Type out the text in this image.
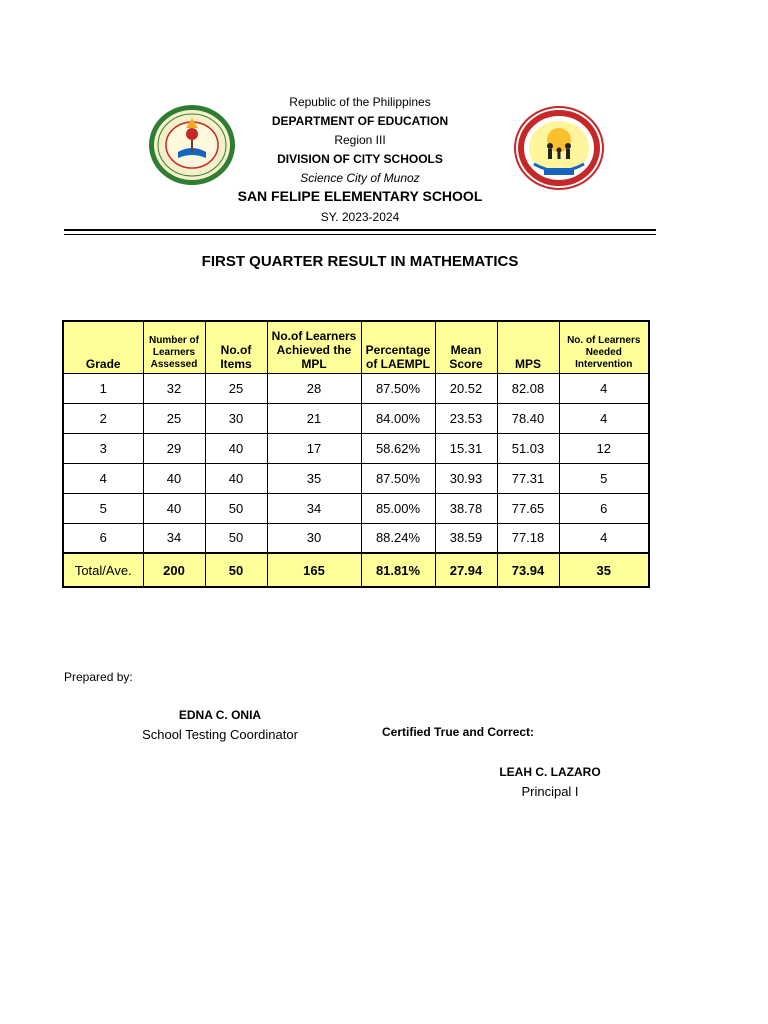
Republic of the Philippines
DEPARTMENT OF EDUCATION
Region III
DIVISION OF CITY SCHOOLS
Science City of Munoz
SAN FELIPE ELEMENTARY SCHOOL
SY. 2023-2024
FIRST QUARTER RESULT IN MATHEMATICS
Grade	Number of Learners Assessed	No.of Items	No.of Learners Achieved the MPL	Percentage of LAEMPL	Mean Score	MPS	No. of Learners Needed Intervention
1	32	25	28	87.50%	20.52	82.08	4
2	25	30	21	84.00%	23.53	78.40	4
3	29	40	17	58.62%	15.31	51.03	12
4	40	40	35	87.50%	30.93	77.31	5
5	40	50	34	85.00%	38.78	77.65	6
6	34	50	30	88.24%	38.59	77.18	4
Total/Ave.	200	50	165	81.81%	27.94	73.94	35
Prepared by:
EDNA C. ONIA
School Testing Coordinator	Certified True and Correct:
LEAH C. LAZARO
Principal I
